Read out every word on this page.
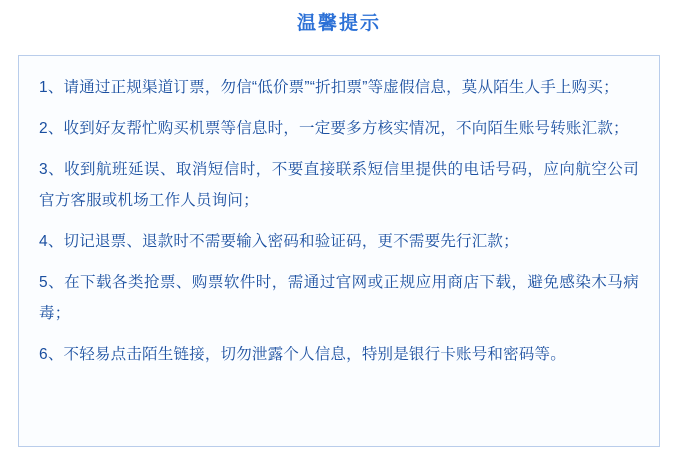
温馨提示

1、请通过正规渠道订票，勿信“低价票”“折扣票”等虚假信息，莫从陌生人手上购买；

2、收到好友帮忙购买机票等信息时，一定要多方核实情况，不向陌生账号转账汇款；

3、收到航班延误、取消短信时，不要直接联系短信里提供的电话号码，应向航空公司官方客服或机场工作人员询问；

4、切记退票、退款时不需要输入密码和验证码，更不需要先行汇款；

5、在下载各类抢票、购票软件时，需通过官网或正规应用商店下载，避免感染木马病毒；

6、不轻易点击陌生链接，切勿泄露个人信息，特别是银行卡账号和密码等。
